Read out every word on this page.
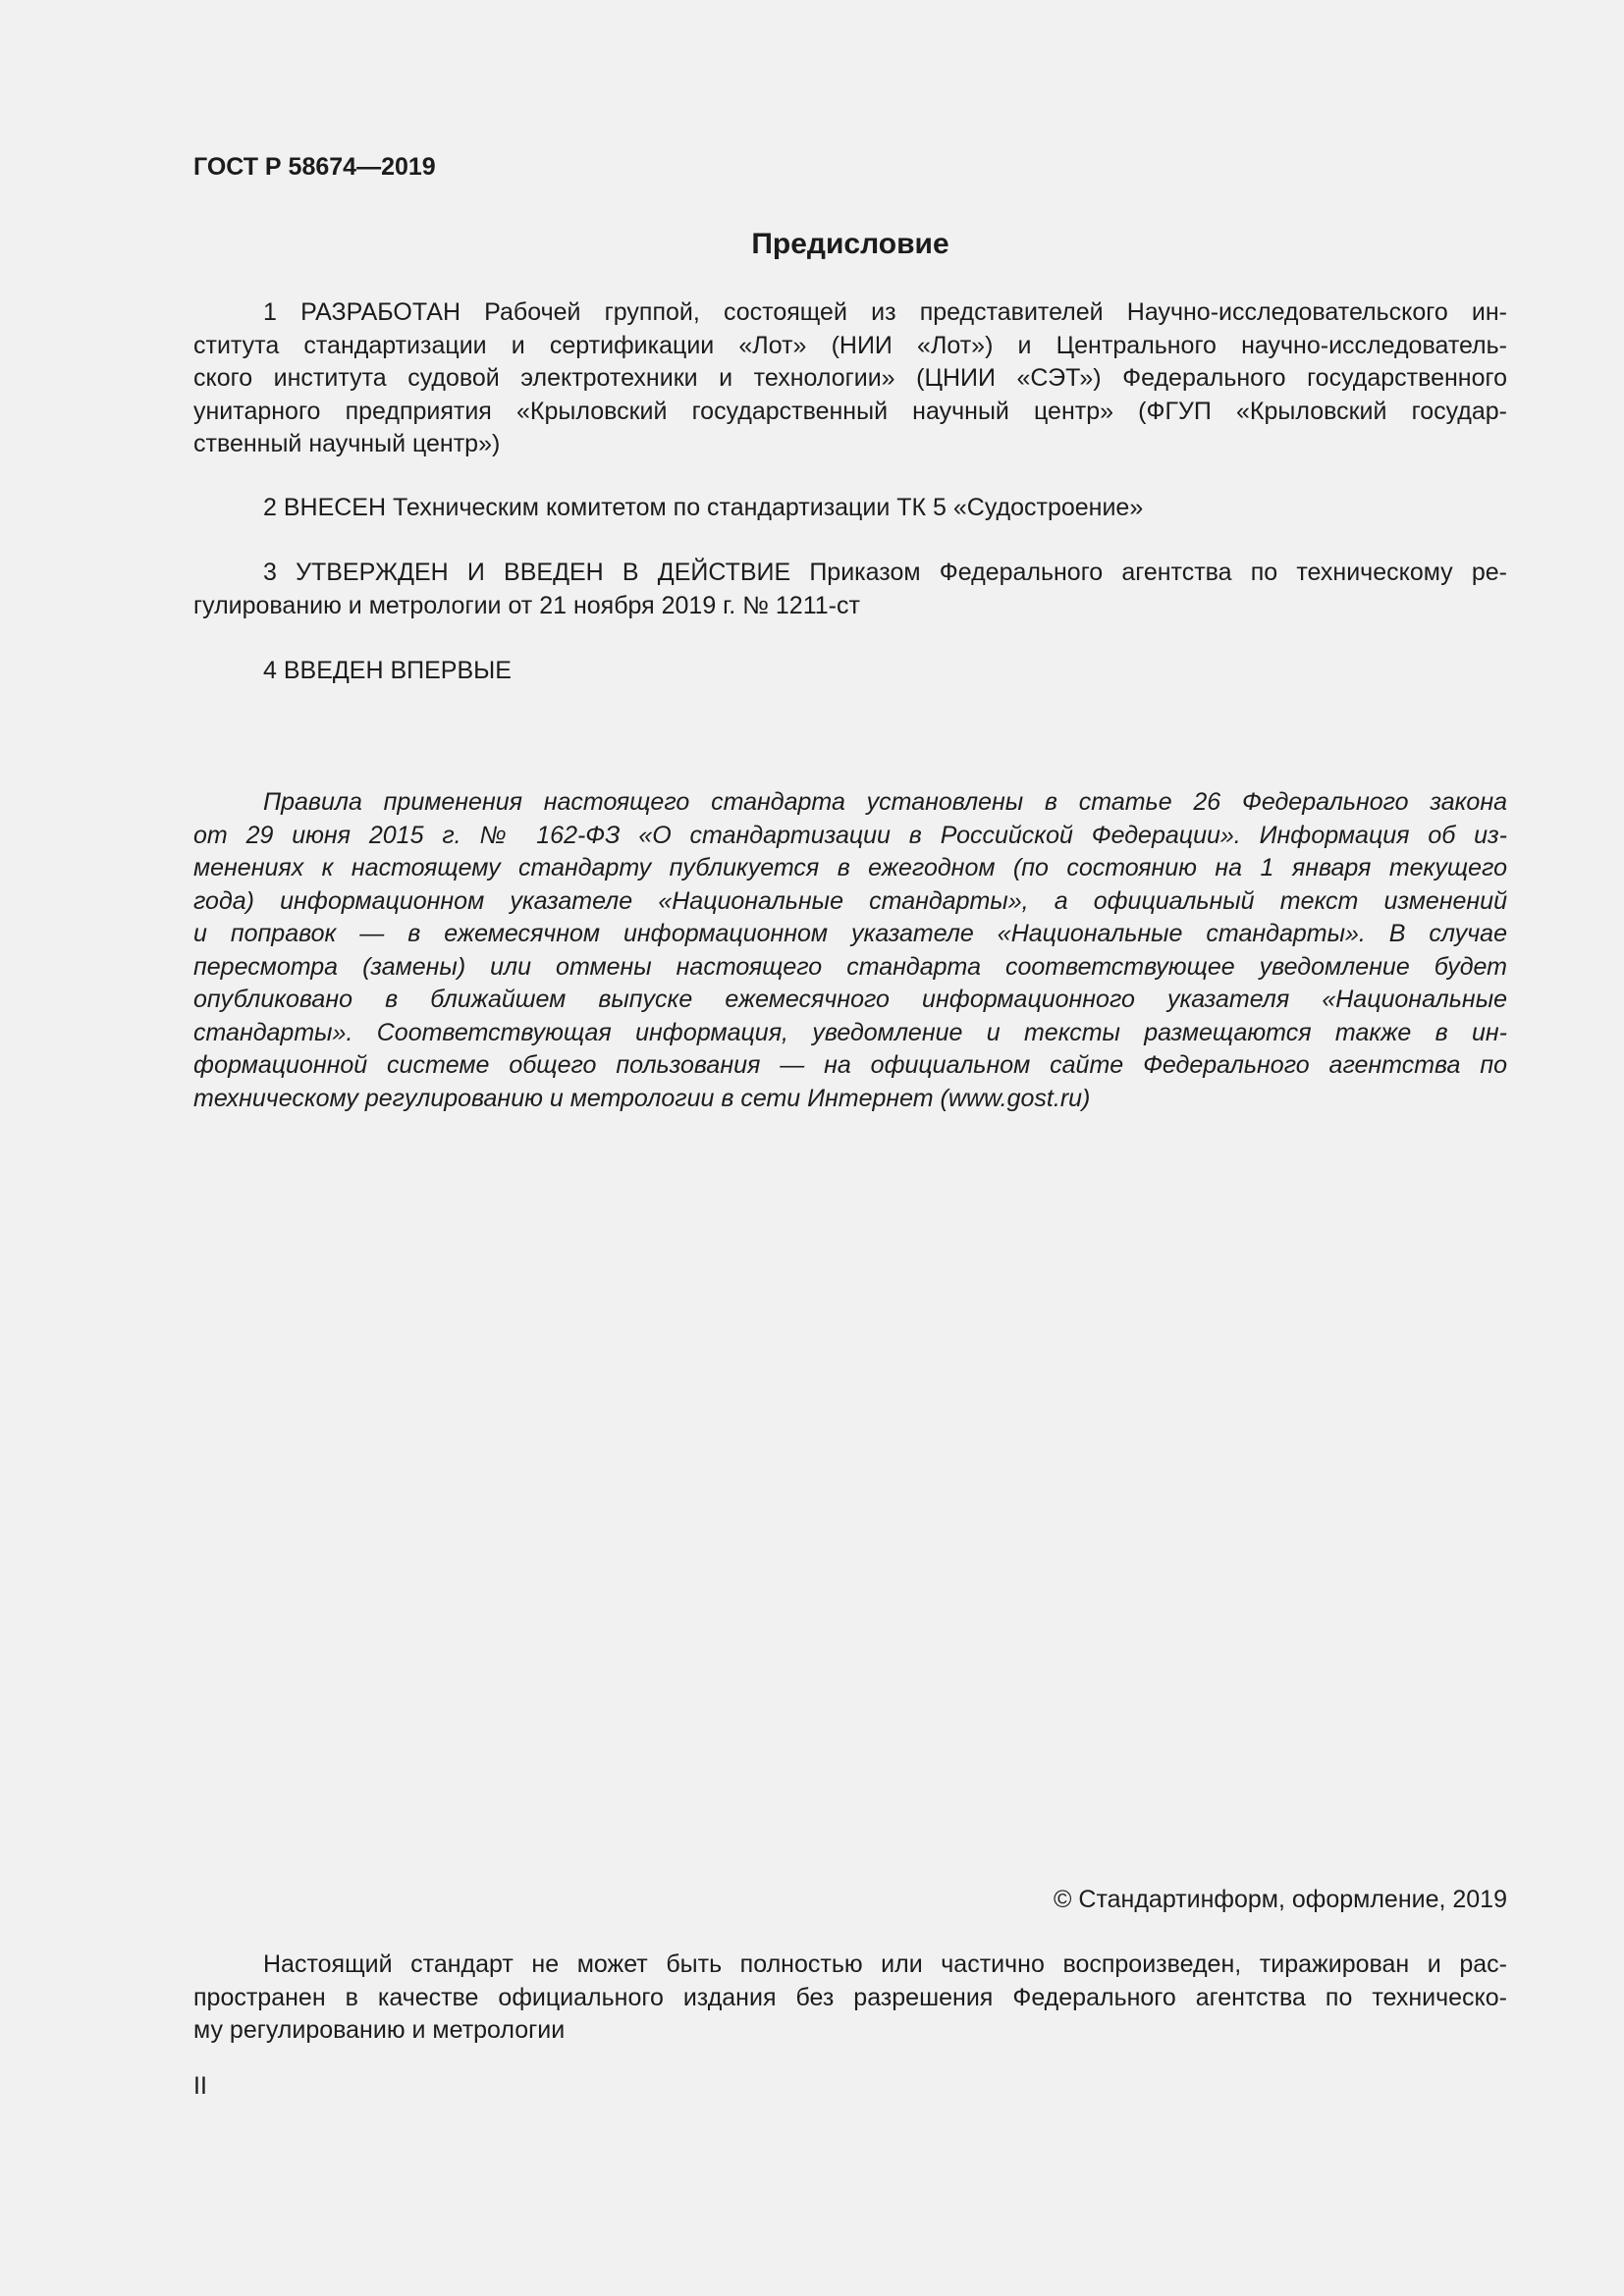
ГОСТ Р 58674—2019
Предисловие
1 РАЗРАБОТАН Рабочей группой, состоящей из представителей Научно-исследовательского ин-
ститута стандартизации и сертификации «Лот» (НИИ «Лот») и Центрального научно-исследователь-
ского института судовой электротехники и технологии» (ЦНИИ «СЭТ») Федерального государственного
унитарного предприятия «Крыловский государственный научный центр» (ФГУП «Крыловский государ-
ственный научный центр»)
2 ВНЕСЕН Техническим комитетом по стандартизации ТК 5 «Судостроение»
3 УТВЕРЖДЕН И ВВЕДЕН В ДЕЙСТВИЕ Приказом Федерального агентства по техническому ре-
гулированию и метрологии от 21 ноября 2019 г. № 1211-ст
4 ВВЕДЕН ВПЕРВЫЕ
Правила применения настоящего стандарта установлены в статье 26 Федерального закона
от 29 июня 2015 г. № 162-ФЗ «О стандартизации в Российской Федерации». Информация об из-
менениях к настоящему стандарту публикуется в ежегодном (по состоянию на 1 января текущего
года) информационном указателе «Национальные стандарты», а официальный текст изменений
и поправок — в ежемесячном информационном указателе «Национальные стандарты». В случае
пересмотра (замены) или отмены настоящего стандарта соответствующее уведомление будет
опубликовано в ближайшем выпуске ежемесячного информационного указателя «Национальные
стандарты». Соответствующая информация, уведомление и тексты размещаются также в ин-
формационной системе общего пользования — на официальном сайте Федерального агентства по
техническому регулированию и метрологии в сети Интернет (www.gost.ru)
© Стандартинформ, оформление, 2019
Настоящий стандарт не может быть полностью или частично воспроизведен, тиражирован и рас-
пространен в качестве официального издания без разрешения Федерального агентства по техническо-
му регулированию и метрологии
II
